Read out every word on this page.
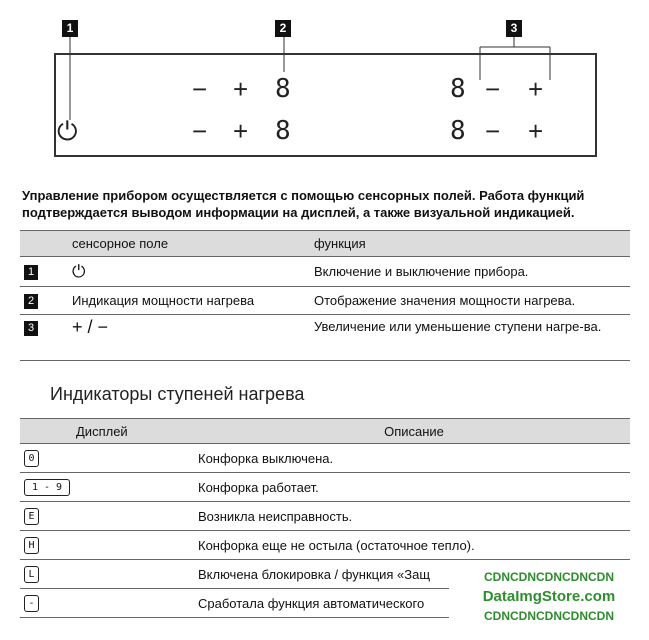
1	2	3
⏻
− + 8	8 − +
− + 8	8 − +
Управление прибором осуществляется с помощью сенсорных полей. Работа функций подтверждается выводом информации на дисплей, а также визуальной индикацией.
	сенсорное поле	функция
1	⏻	Включение и выключение прибора.
2	Индикация мощности нагрева	Отображение значения мощности нагрева.
3	+ / −	Увеличение или уменьшение ступени нагре-ва.
Индикаторы ступеней нагрева
Дисплей	Описание
0	Конфорка выключена.
1 - 9	Конфорка работает.
E	Возникла неисправность.
H	Конфорка еще не остыла (остаточное тепло).
L	Включена блокировка / функция «Защ
-	Сработала функция автоматического
CDNCDNCDNCDNCDN
DataImgStore.com
CDNCDNCDNCDNCDN
